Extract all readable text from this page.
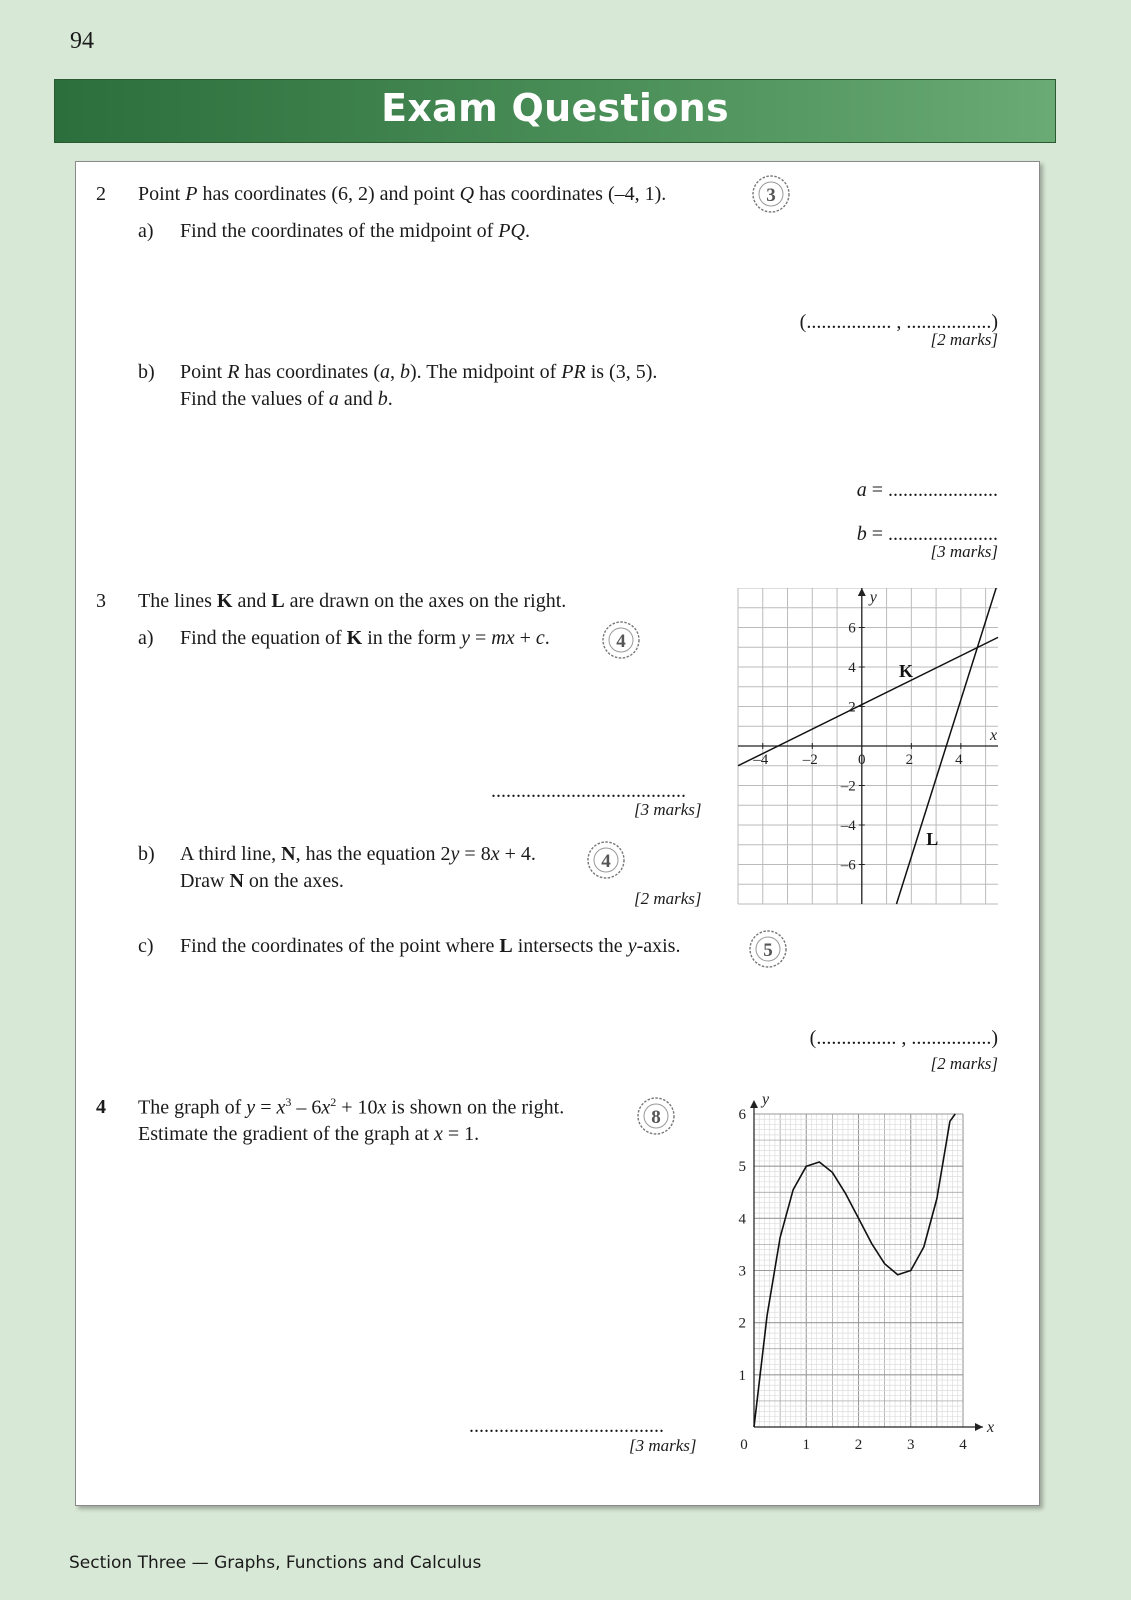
94
Exam Questions
2 Point P has coordinates (6, 2) and point Q has coordinates (–4, 1).	3
a) Find the coordinates of the midpoint of PQ.
(................. , .................)
[2 marks]
b) Point R has coordinates (a, b). The midpoint of PR is (3, 5).
Find the values of a and b.
a = ......................
b = ......................
[3 marks]
3 The lines K and L are drawn on the axes on the right.
a) Find the equation of K in the form y = mx + c.	4
.......................................
[3 marks]
b) A third line, N, has the equation 2y = 8x + 4.
Draw N on the axes.
4
[2 marks]
c) Find the coordinates of the point where L intersects the y-axis.	5
(................ , ................)
[2 marks]
–4 –2	0	2	4
6
4
2
–2
–4
–6
x
y
K
L
4 The graph of $y = x^3 - 6x^2 + 10x$ is shown on the right.
Estimate the gradient of the graph at x = 1.
8
.......................................
[3 marks]	0	1	2	3	4
1
2
3
4
5
6
x
y
Section Three — Graphs, Functions and Calculus
